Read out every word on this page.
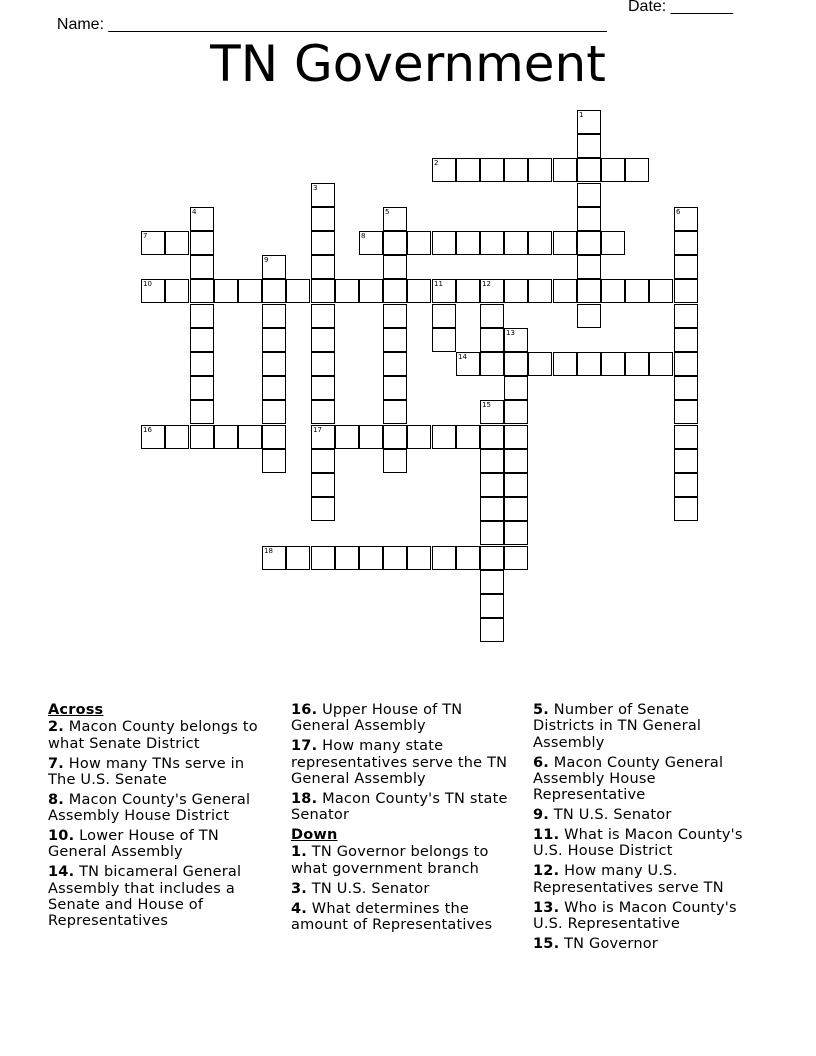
Name: ________________________________________________________

Date: _______

TN Government
1
2
3
17
4	5	6
7	8
9
10	11	12
13
14
15
16
18
Across
2. Macon County belongs to what Senate District
7. How many TNs serve in The U.S. Senate
8. Macon County's General Assembly House District
10. Lower House of TN General Assembly
14. TN bicameral General Assembly that includes a Senate and House of Representatives
16. Upper House of TN General Assembly
17. How many state representatives serve the TN General Assembly
18. Macon County's TN state Senator
Down
1. TN Governor belongs to what government branch
3. TN U.S. Senator
4. What determines the amount of Representatives
5. Number of Senate Districts in TN General Assembly
6. Macon County General Assembly House Representative
9. TN U.S. Senator
11. What is Macon County's U.S. House District
12. How many U.S. Representatives serve TN
13. Who is Macon County's U.S. Representative
15. TN Governor
